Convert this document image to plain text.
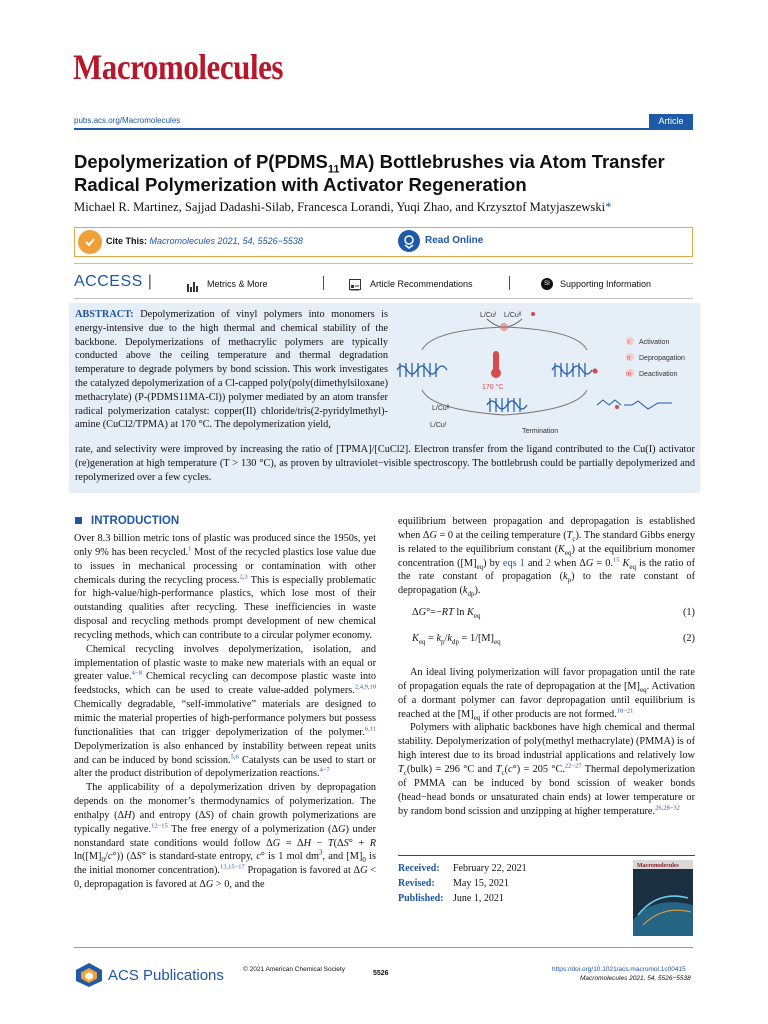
Macromolecules
pubs.acs.org/Macromolecules	Article
Depolymerization of $P(PDMS_{11}MA)$ Bottlebrushes via Atom Transfer Radical Polymerization with Activator Regeneration
Michael R. Martinez, Sajjad Dadashi-Silab, Francesca Lorandi, Yuqi Zhao, and Krzysztof Matyjaszewski*
Cite This: Macromolecules 2021, 54, 5526−5538	Read Online
ACCESS |	Metrics & More	Article Recommendations	SI	Supporting Information
ABSTRACT: Depolymerization of vinyl polymers into monomers is energy-intensive due to the high thermal and chemical stability of the backbone. Depolymerizations of methacrylic polymers are typically conducted above the ceiling temperature and thermal degradation temperature to degrade polymers by bond scission. This work investigates the catalyzed depolymerization of a Cl-capped poly(poly(dimethylsiloxane) methacrylate) (P-(PDMS11MA-Cl)) polymer mediated by an atom transfer radical polymerization catalyst: copper(II) chloride/tris(2-pyridylmethyl)-amine (CuCl2/TPMA) at 170 °C. The depolymerization yield,
L/Cuᴵ L/Cuᴵᴵ
170 °C
L/Cuᴵᴵ
L/Cuᴵ
Termination
I Activation
II Depropagation
III Deactivation
rate, and selectivity were improved by increasing the ratio of [TPMA]/[CuCl2]. Electron transfer from the ligand contributed to the Cu(I) activator (re)generation at high temperature (T > 130 °C), as proven by ultraviolet−visible spectroscopy. The bottlebrush could be partially depolymerized and repolymerized over a few cycles.
INTRODUCTION

Over 8.3 billion metric tons of plastic was produced since the 1950s, yet only 9% has been recycled.$^1$ Most of the recycled plastics lose value due to issues in mechanical processing or contamination with other chemicals during the recycling process.$^{2,3}$ This is especially problematic for high-value/high-performance plastics, which lose most of their outstanding qualities after recycling. These inefficiencies in waste disposal and recycling methods prompt development of new chemical recycling methods, which can contribute to a circular polymer economy.

Chemical recycling involves depolymerization, isolation, and implementation of plastic waste to make new materials with an equal or greater value.$^{4-8}$ Chemical recycling can decompose plastic waste into feedstocks, which can be used to create value-added polymers.$^{2,4,9,10}$ Chemically degradable, “self-immolative” materials are designed to mimic the material properties of high-performance polymers but possess functionalities that can trigger depolymerization of the polymer.$^{6,11}$ Depolymerization is also enhanced by instability between repeat units and can be induced by bond scission.$^{5,6}$ Catalysts can be used to start or alter the product distribution of depolymerization reactions.$^{4-7}$

The applicability of a depolymerization driven by depropagation depends on the monomer’s thermodynamics of polymerization. The enthalpy (ΔH) and entropy (ΔS) of chain growth polymerizations are typically negative.$^{12-15}$ The free energy of a polymerization (ΔG) under nonstandard state conditions would follow ΔG = ΔH − T(ΔS° + R $\ln([M]_0/c^\circ)$) (ΔS° is standard-state entropy, c° is 1 mol $dm^3$, and $[M]_0$ is the initial monomer concentration).$^{13,15-17}$ Propagation is favored at ΔG < 0, depropagation is favored at ΔG > 0, and the

equilibrium between propagation and depropagation is established when ΔG = 0 at the ceiling temperature $(T_c)$. The standard Gibbs energy is related to the equilibrium constant $(K_{eq})$ at the equilibrium monomer concentration $([M]_{eq})$ by eqs 1 and 2 when ΔG = 0.15 $K_{eq}$ is the ratio of the rate constant of propagation $(k_p)$ to the rate constant of depropagation $(k_{dp})$.

ΔG°=−RT $\ln K_{eq}$	(1)
$K_{eq} = k_p/k_{dp} = 1/[M]_{eq}$	(2)

An ideal living polymerization will favor propagation until the rate of propagation equals the rate of depropagation at the $[M]_{eq}$. Activation of a dormant polymer can favor depropagation until equilibrium is reached at the $[M]_{eq}$ if other products are not formed.$^{18-21}$

Polymers with aliphatic backbones have high chemical and thermal stability. Depolymerization of poly(methyl methacrylate) (PMMA) is of high interest due to its broad industrial applications and relatively low $T_c(bulk) = 296$ °C and $T_c(c^\circ) = 205$ °C.$^{22-27}$ Thermal depolymerization of PMMA can be induced by bond scission of weaker bonds (head−head bonds or unsaturated chain ends) at lower temperature or by random bond scission and unzipping at higher temperature.$^{26,28-32}$

Received: February 22, 2021
Revised: May 15, 2021
Published: June 1, 2021
Macromolecules
ACS Publications	© 2021 American Chemical Society
5526
https://doi.org/10.1021/acs.macromol.1c00415
Macromolecules 2021, 54, 5526−5538
